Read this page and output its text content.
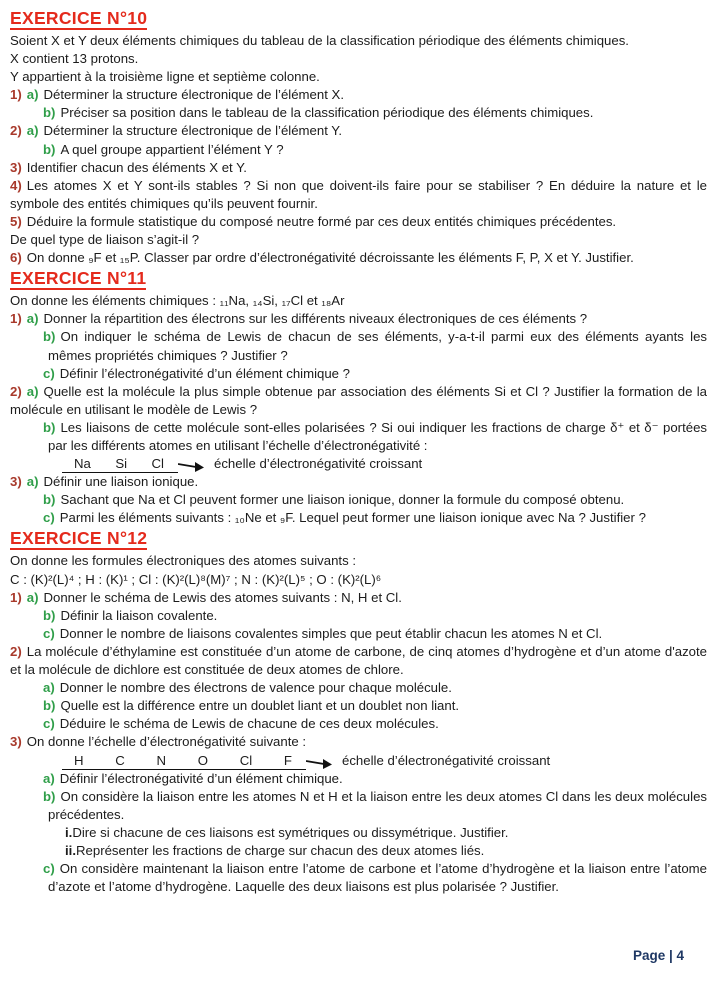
EXERCICE N°10
Soient X et Y deux éléments chimiques du tableau de la classification périodique des éléments chimiques.
X contient 13 protons.
Y appartient à la troisième ligne et septième colonne.
1) a) Déterminer la structure électronique de l’élément X.
b) Préciser sa position dans le tableau de la classification périodique des éléments chimiques.
2) a) Déterminer la structure électronique de l’élément Y.
b) A quel groupe appartient l’élément Y ?
3) Identifier chacun des éléments X et Y.
4) Les atomes X et Y sont-ils stables ? Si non que doivent-ils faire pour se stabiliser ? En déduire la nature et le symbole des entités chimiques qu’ils peuvent fournir.
5) Déduire la formule statistique du composé neutre formé par ces deux entités chimiques précédentes.
De quel type de liaison s’agit-il ?
6) On donne ₉F et ₁₅P. Classer par ordre d’électronégativité décroissante les éléments F, P, X et Y. Justifier.
EXERCICE N°11
On donne les éléments chimiques : ₁₁Na, ₁₄Si, ₁₇Cl et ₁₈Ar
1) a) Donner la répartition des électrons sur les différents niveaux électroniques de ces éléments ?
b) On indiquer le schéma de Lewis de chacun de ses éléments, y-a-t-il parmi eux des éléments ayants les mêmes propriétés chimiques ? Justifier ?
c) Définir l’électronégativité d’un élément chimique ?
2) a) Quelle est la molécule la plus simple obtenue par association des éléments Si et Cl ? Justifier la formation de la molécule en utilisant le modèle de Lewis ?
b) Les liaisons de cette molécule sont-elles polarisées ? Si oui indiquer les fractions de charge δ⁺ et δ⁻ portées par les différents atomes en utilisant l’échelle d’électronégativité :
Na Si Cl	échelle d’électronégativité croissant
3) a) Définir une liaison ionique.
b) Sachant que Na et Cl peuvent former une liaison ionique, donner la formule du composé obtenu.
c) Parmi les éléments suivants : ₁₀Ne et ₉F. Lequel peut former une liaison ionique avec Na ? Justifier ?
EXERCICE N°12
On donne les formules électroniques des atomes suivants :
C : (K)²(L)⁴ ; H : (K)¹ ; Cl : (K)²(L)⁸(M)⁷ ; N : (K)²(L)⁵ ; O : (K)²(L)⁶
1) a) Donner le schéma de Lewis des atomes suivants : N, H et Cl.
b) Définir la liaison covalente.
c) Donner le nombre de liaisons covalentes simples que peut établir chacun les atomes N et Cl.
2) La molécule d’éthylamine est constituée d’un atome de carbone, de cinq atomes d’hydrogène et d’un atome d'azote et la molécule de dichlore est constituée de deux atomes de chlore.
a) Donner le nombre des électrons de valence pour chaque molécule.
b) Quelle est la différence entre un doublet liant et un doublet non liant.
c) Déduire le schéma de Lewis de chacune de ces deux molécules.
3) On donne l’échelle d’électronégativité suivante :
H C N O Cl F	échelle d’électronégativité croissant
a) Définir l’électronégativité d’un élément chimique.
b) On considère la liaison entre les atomes N et H et la liaison entre les deux atomes Cl dans les deux molécules précédentes.
i.Dire si chacune de ces liaisons est symétriques ou dissymétrique. Justifier.
ii.Représenter les fractions de charge sur chacun des deux atomes liés.
c) On considère maintenant la liaison entre l’atome de carbone et l’atome d’hydrogène et la liaison entre l’atome d’azote et l’atome d’hydrogène. Laquelle des deux liaisons est plus polarisée ? Justifier.
Page | 4
